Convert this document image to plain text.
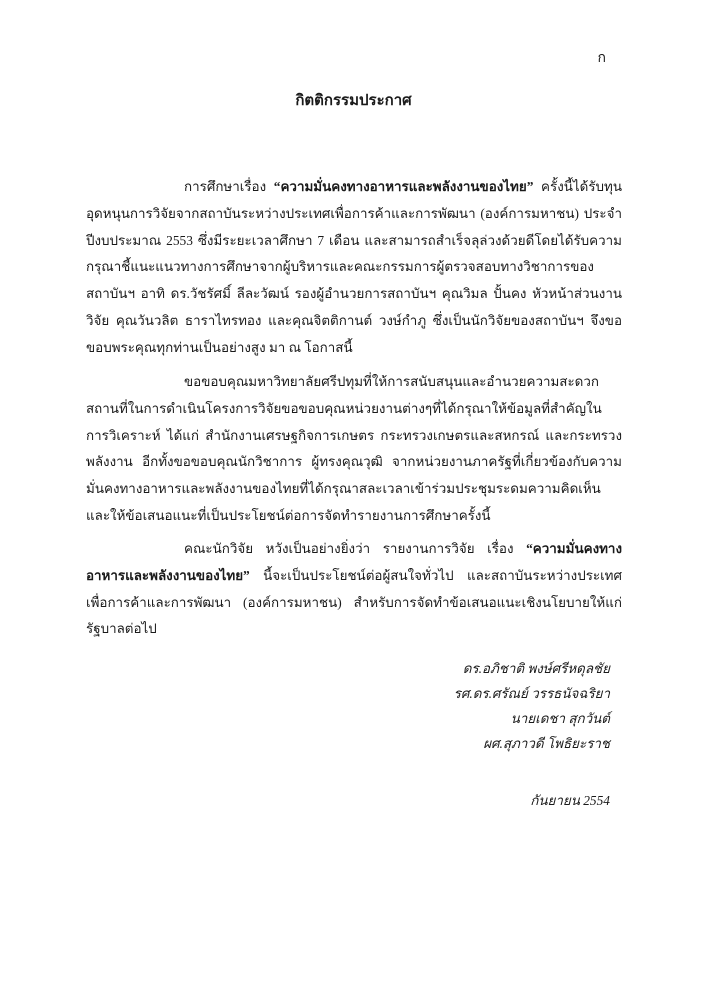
ก
กิตติกรรมประกาศ

การศึกษาเรื่อง “ความมั่นคงทางอาหารและพลังงานของไทย” ครั้งนี้ได้รับทุนอุดหนุนการวิจัยจากสถาบันระหว่างประเทศเพื่อการค้าและการพัฒนา (องค์การมหาชน) ประจำปีงบประมาณ 2553 ซึ่งมีระยะเวลาศึกษา 7 เดือน และสามารถสำเร็จลุล่วงด้วยดีโดยได้รับความกรุณาชี้แนะแนวทางการศึกษาจากผู้บริหารและคณะกรรมการผู้ตรวจสอบทางวิชาการของสถาบันฯ อาทิ ดร.วัชรัศมิ์ ลีละวัฒน์ รองผู้อำนวยการสถาบันฯ คุณวิมล ปั้นคง หัวหน้าส่วนงานวิจัย คุณวันวลิต ธาราไทรทอง และคุณจิตติกานต์ วงษ์กำภู ซึ่งเป็นนักวิจัยของสถาบันฯ จึงขอขอบพระคุณทุกท่านเป็นอย่างสูง มา ณ โอกาสนี้

ขอขอบคุณมหาวิทยาลัยศรีปทุมที่ให้การสนับสนุนและอำนวยความสะดวกสถานที่ในการดำเนินโครงการวิจัยขอขอบคุณหน่วยงานต่างๆที่ได้กรุณาให้ข้อมูลที่สำคัญในการวิเคราะห์ ได้แก่ สำนักงานเศรษฐกิจการเกษตร กระทรวงเกษตรและสหกรณ์ และกระทรวงพลังงาน อีกทั้งขอขอบคุณนักวิชาการ ผู้ทรงคุณวุฒิ จากหน่วยงานภาครัฐที่เกี่ยวข้องกับความมั่นคงทางอาหารและพลังงานของไทยที่ได้กรุณาสละเวลาเข้าร่วมประชุมระดมความคิดเห็น และให้ข้อเสนอแนะที่เป็นประโยชน์ต่อการจัดทำรายงานการศึกษาครั้งนี้

คณะนักวิจัย หวังเป็นอย่างยิ่งว่า รายงานการวิจัย เรื่อง “ความมั่นคงทางอาหารและพลังงานของไทย” นี้จะเป็นประโยชน์ต่อผู้สนใจทั่วไป และสถาบันระหว่างประเทศเพื่อการค้าและการพัฒนา (องค์การมหาชน) สำหรับการจัดทำข้อเสนอแนะเชิงนโยบายให้แก่รัฐบาลต่อไป

ดร.อภิชาติ พงษ์ศรีหดุลชัย
รศ.ดร.ศรัณย์ วรรธนัจฉริยา
นายเดชา สุกวันต์
ผศ.สุภาวดี โพธิยะราช
กันยายน 2554
